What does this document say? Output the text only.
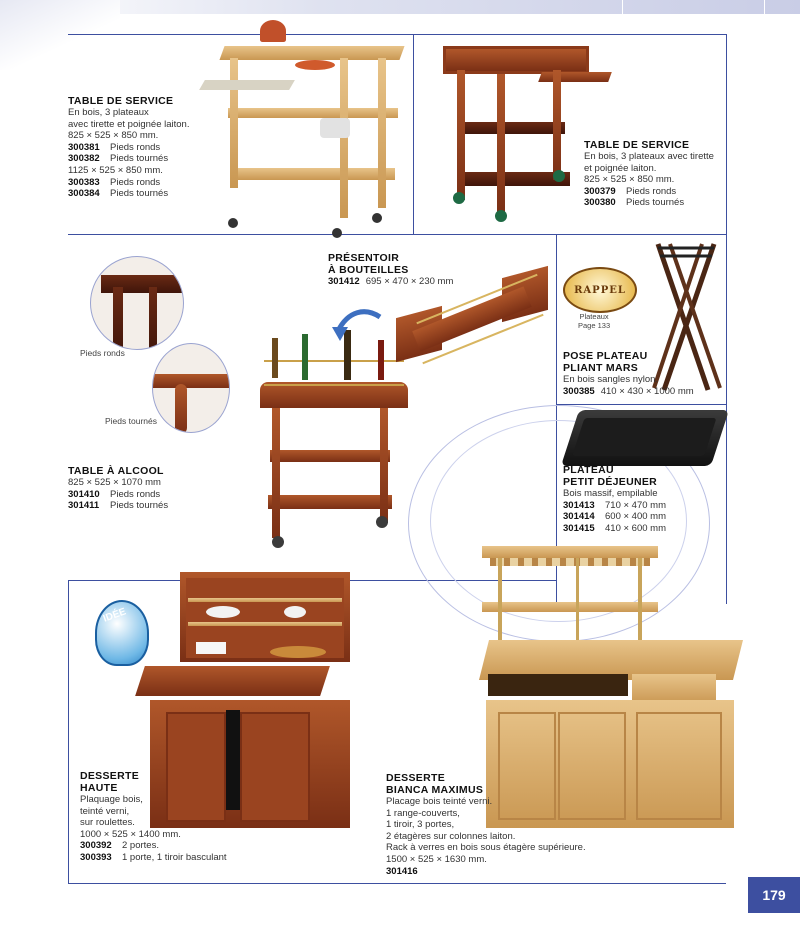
TABLE DE SERVICE
En bois, 3 plateaux
avec tirette et poignée laiton.
825 × 525 × 850 mm.
300381 Pieds ronds
300382 Pieds tournés
1125 × 525 × 850 mm.
300383 Pieds ronds
300384 Pieds tournés
TABLE DE SERVICE
En bois, 3 plateaux avec tirette
et poignée laiton.
825 × 525 × 850 mm.
300379 Pieds ronds
300380 Pieds tournés
Pieds ronds
Pieds tournés
TABLE À ALCOOL
825 × 525 × 1070 mm
301410 Pieds ronds
301411 Pieds tournés
PRÉSENTOIR
À BOUTEILLES
301412 695 × 470 × 230 mm
RAPPEL
Plateaux
Page 133
POSE PLATEAU
PLIANT MARS
En bois sangles nylon.
300385 410 × 430 × 1000 mm
PLATEAU
PETIT DÉJEUNER
Bois massif, empilable
301413 710 × 470 mm
301414 600 × 400 mm
301415 410 × 600 mm
IDÉE
DESSERTE
HAUTE
Plaquage bois,
teinté verni,
sur roulettes.
1000 × 525 × 1400 mm.
300392 2 portes.
300393 1 porte, 1 tiroir basculant
DESSERTE
BIANCA MAXIMUS
Placage bois teinté verni.
1 range-couverts,
1 tiroir, 3 portes,
2 étagères sur colonnes laiton.
Rack à verres en bois sous étagère supérieure.
1500 × 525 × 1630 mm.
301416
179
